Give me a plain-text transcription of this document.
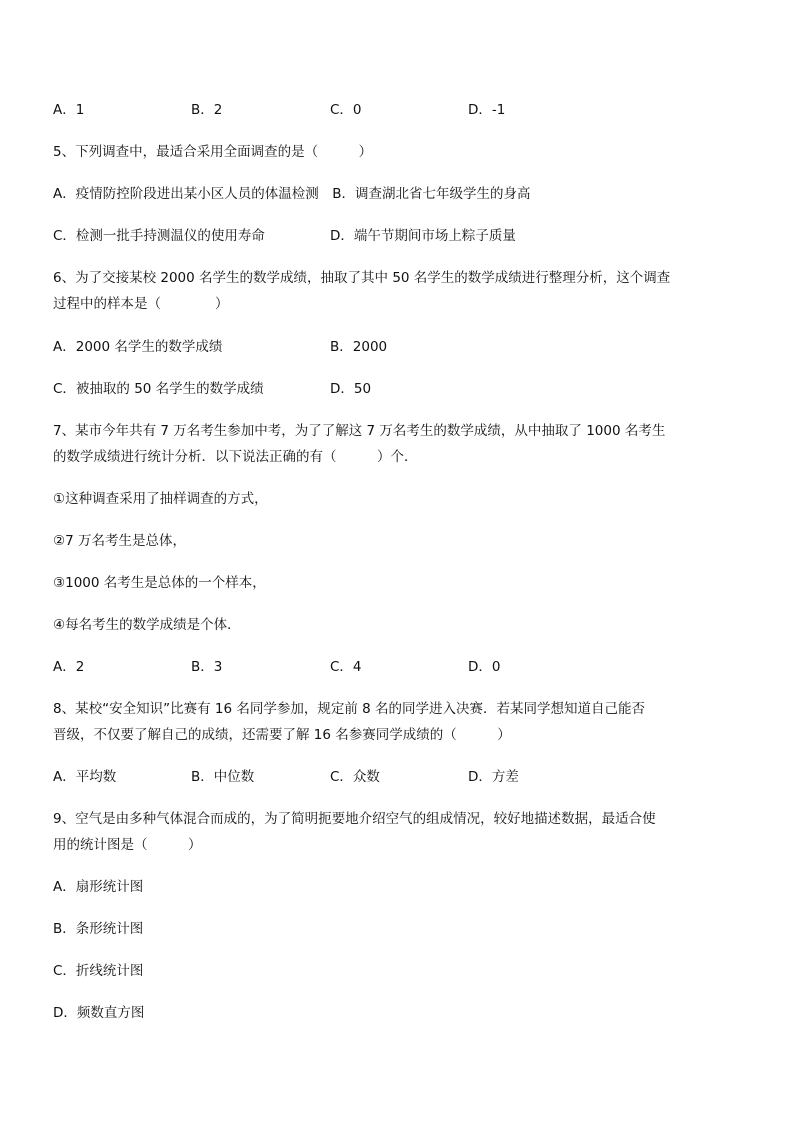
A．1	B．2	C．0	D．-1
5、下列调查中，最适合采用全面调查的是（　　　）
A．疫情防控阶段进出某小区人员的体温检测　B．调查湖北省七年级学生的身高
C．检测一批手持测温仪的使用寿命	D．端午节期间市场上粽子质量
6、为了交接某校 2000 名学生的数学成绩，抽取了其中 50 名学生的数学成绩进行整理分析，这个调查
过程中的样本是（　　　　）
A．2000 名学生的数学成绩	B．2000
C．被抽取的 50 名学生的数学成绩	D．50
7、某市今年共有 7 万名考生参加中考，为了了解这 7 万名考生的数学成绩，从中抽取了 1000 名考生
的数学成绩进行统计分析．以下说法正确的有（　　　）个．
①这种调查采用了抽样调查的方式，
②7 万名考生是总体，
③1000 名考生是总体的一个样本，
④每名考生的数学成绩是个体．
A．2	B．3	C．4	D．0
8、某校“安全知识”比赛有 16 名同学参加，规定前 8 名的同学进入决赛．若某同学想知道自己能否
晋级，不仅要了解自己的成绩，还需要了解 16 名参赛同学成绩的（　　　）
A．平均数	B．中位数	C．众数	D．方差
9、空气是由多种气体混合而成的，为了简明扼要地介绍空气的组成情况，较好地描述数据，最适合使
用的统计图是（　　　）
A．扇形统计图
B．条形统计图
C．折线统计图
D．频数直方图
